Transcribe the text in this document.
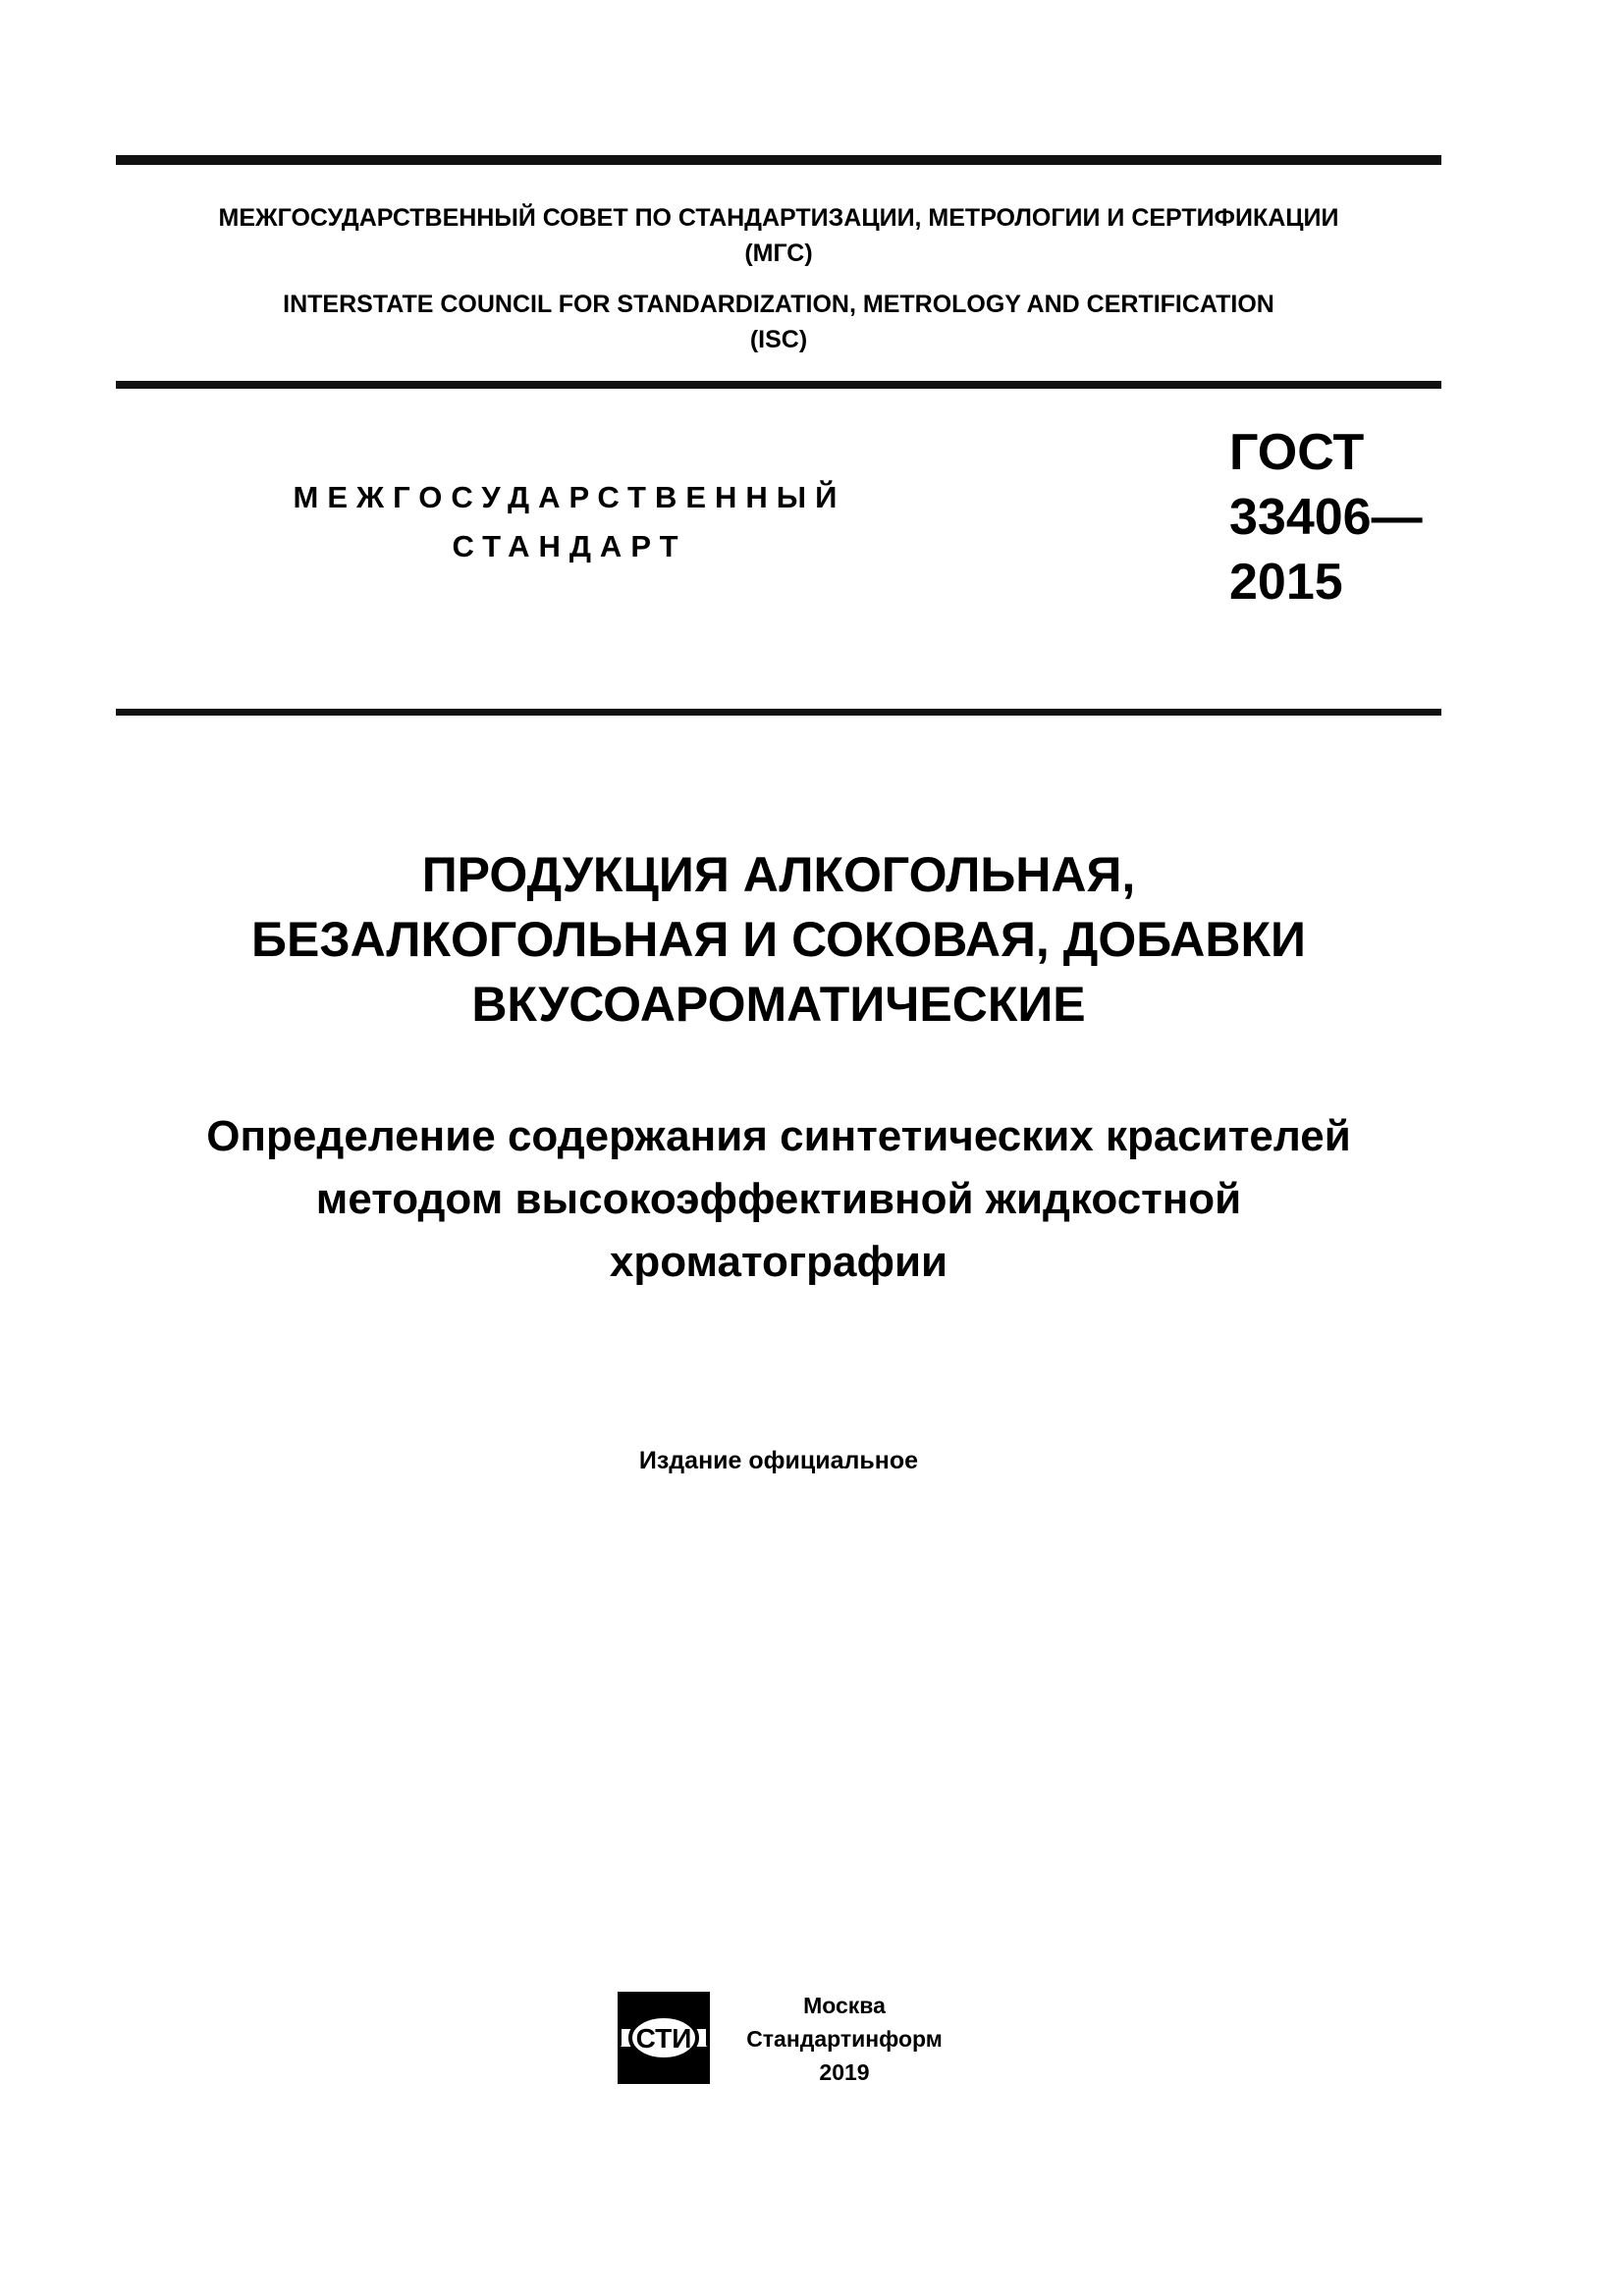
МЕЖГОСУДАРСТВЕННЫЙ СОВЕТ ПО СТАНДАРТИЗАЦИИ, МЕТРОЛОГИИ И СЕРТИФИКАЦИИ
(МГС)
INTERSTATE COUNCIL FOR STANDARDIZATION, METROLOGY AND CERTIFICATION
(ISC)
МЕЖГОСУДАРСТВЕННЫЙ
СТАНДАРТ
ГОСТ
33406—
2015
ПРОДУКЦИЯ АЛКОГОЛЬНАЯ,
БЕЗАЛКОГОЛЬНАЯ И СОКОВАЯ, ДОБАВКИ
ВКУСОАРОМАТИЧЕСКИЕ
Определение содержания синтетических красителей
методом высокоэффективной жидкостной
хроматографии
Издание официальное
СТИ
Москва
Стандартинформ
2019
